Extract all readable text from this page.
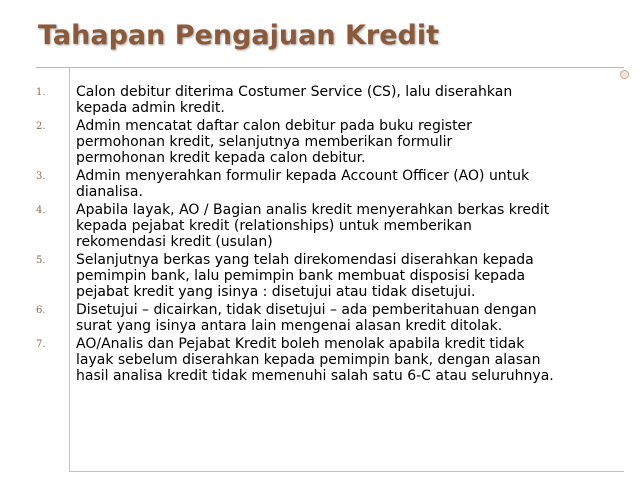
Tahapan Pengajuan Kredit
1. Calon debitur diterima Costumer Service (CS), lalu diserahkan
kepada admin kredit.
2. Admin mencatat daftar calon debitur pada buku register
permohonan kredit, selanjutnya memberikan formulir
permohonan kredit kepada calon debitur.
3. Admin menyerahkan formulir kepada Account Officer (AO) untuk
dianalisa.
4. Apabila layak, AO / Bagian analis kredit menyerahkan berkas kredit
kepada pejabat kredit (relationships) untuk memberikan
rekomendasi kredit (usulan)
5. Selanjutnya berkas yang telah direkomendasi diserahkan kepada
pemimpin bank, lalu pemimpin bank membuat disposisi kepada
pejabat kredit yang isinya : disetujui atau tidak disetujui.
6. Disetujui – dicairkan, tidak disetujui – ada pemberitahuan dengan
surat yang isinya antara lain mengenai alasan kredit ditolak.
7. AO/Analis dan Pejabat Kredit boleh menolak apabila kredit tidak
layak sebelum diserahkan kepada pemimpin bank, dengan alasan
hasil analisa kredit tidak memenuhi salah satu 6-C atau seluruhnya.
